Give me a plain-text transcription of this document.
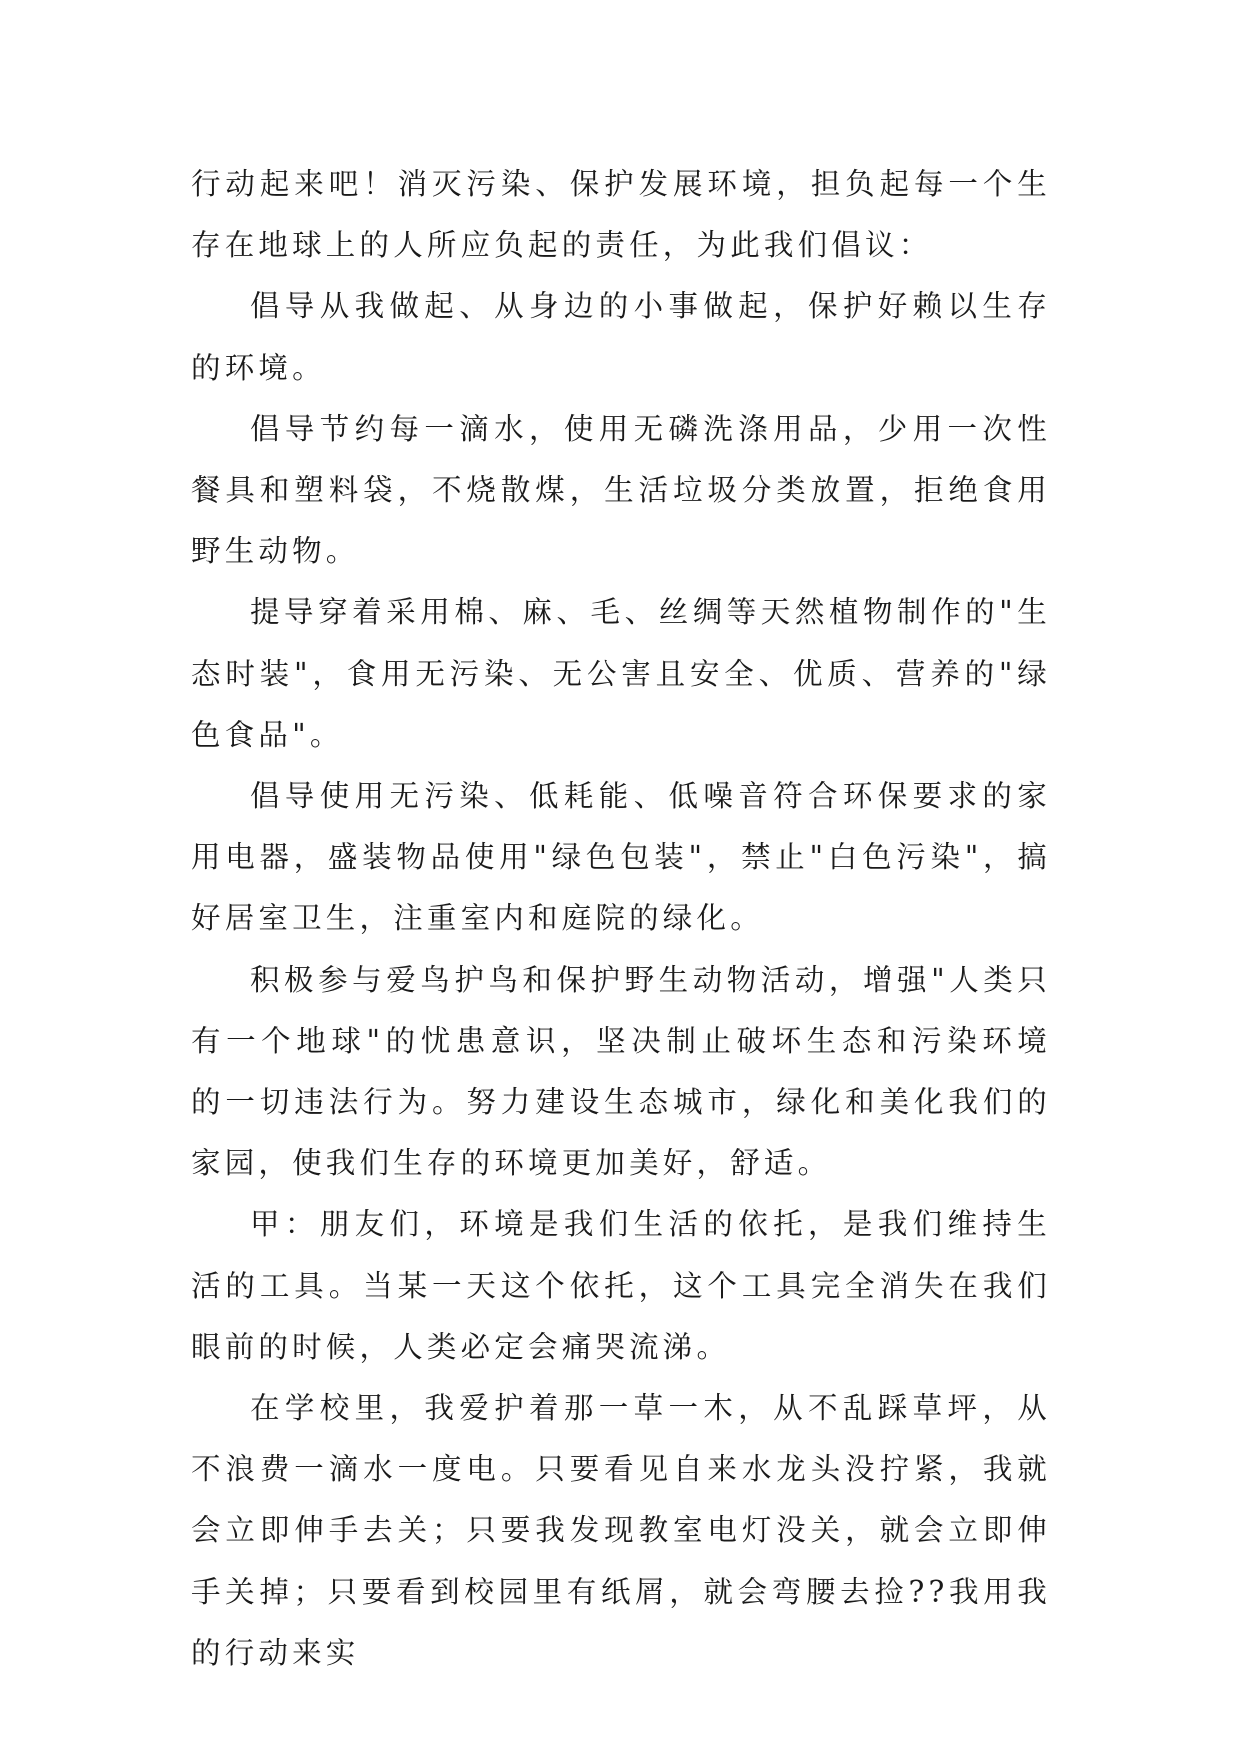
行动起来吧！消灭污染、保护发展环境，担负起每一个生存在地球上的人所应负起的责任，为此我们倡议：

倡导从我做起、从身边的小事做起，保护好赖以生存的环境。

倡导节约每一滴水，使用无磷洗涤用品，少用一次性餐具和塑料袋，不烧散煤，生活垃圾分类放置，拒绝食用野生动物。

提导穿着采用棉、麻、毛、丝绸等天然植物制作的"生态时装"，食用无污染、无公害且安全、优质、营养的"绿色食品"。

倡导使用无污染、低耗能、低噪音符合环保要求的家用电器，盛装物品使用"绿色包装"，禁止"白色污染"，搞好居室卫生，注重室内和庭院的绿化。

积极参与爱鸟护鸟和保护野生动物活动，增强"人类只有一个地球"的忧患意识，坚决制止破坏生态和污染环境的一切违法行为。努力建设生态城市，绿化和美化我们的家园，使我们生存的环境更加美好，舒适。

甲：朋友们，环境是我们生活的依托，是我们维持生活的工具。当某一天这个依托，这个工具完全消失在我们眼前的时候，人类必定会痛哭流涕。

在学校里，我爱护着那一草一木，从不乱踩草坪，从不浪费一滴水一度电。只要看见自来水龙头没拧紧，我就会立即伸手去关；只要我发现教室电灯没关，就会立即伸手关掉；只要看到校园里有纸屑，就会弯腰去捡??我用我的行动来实
